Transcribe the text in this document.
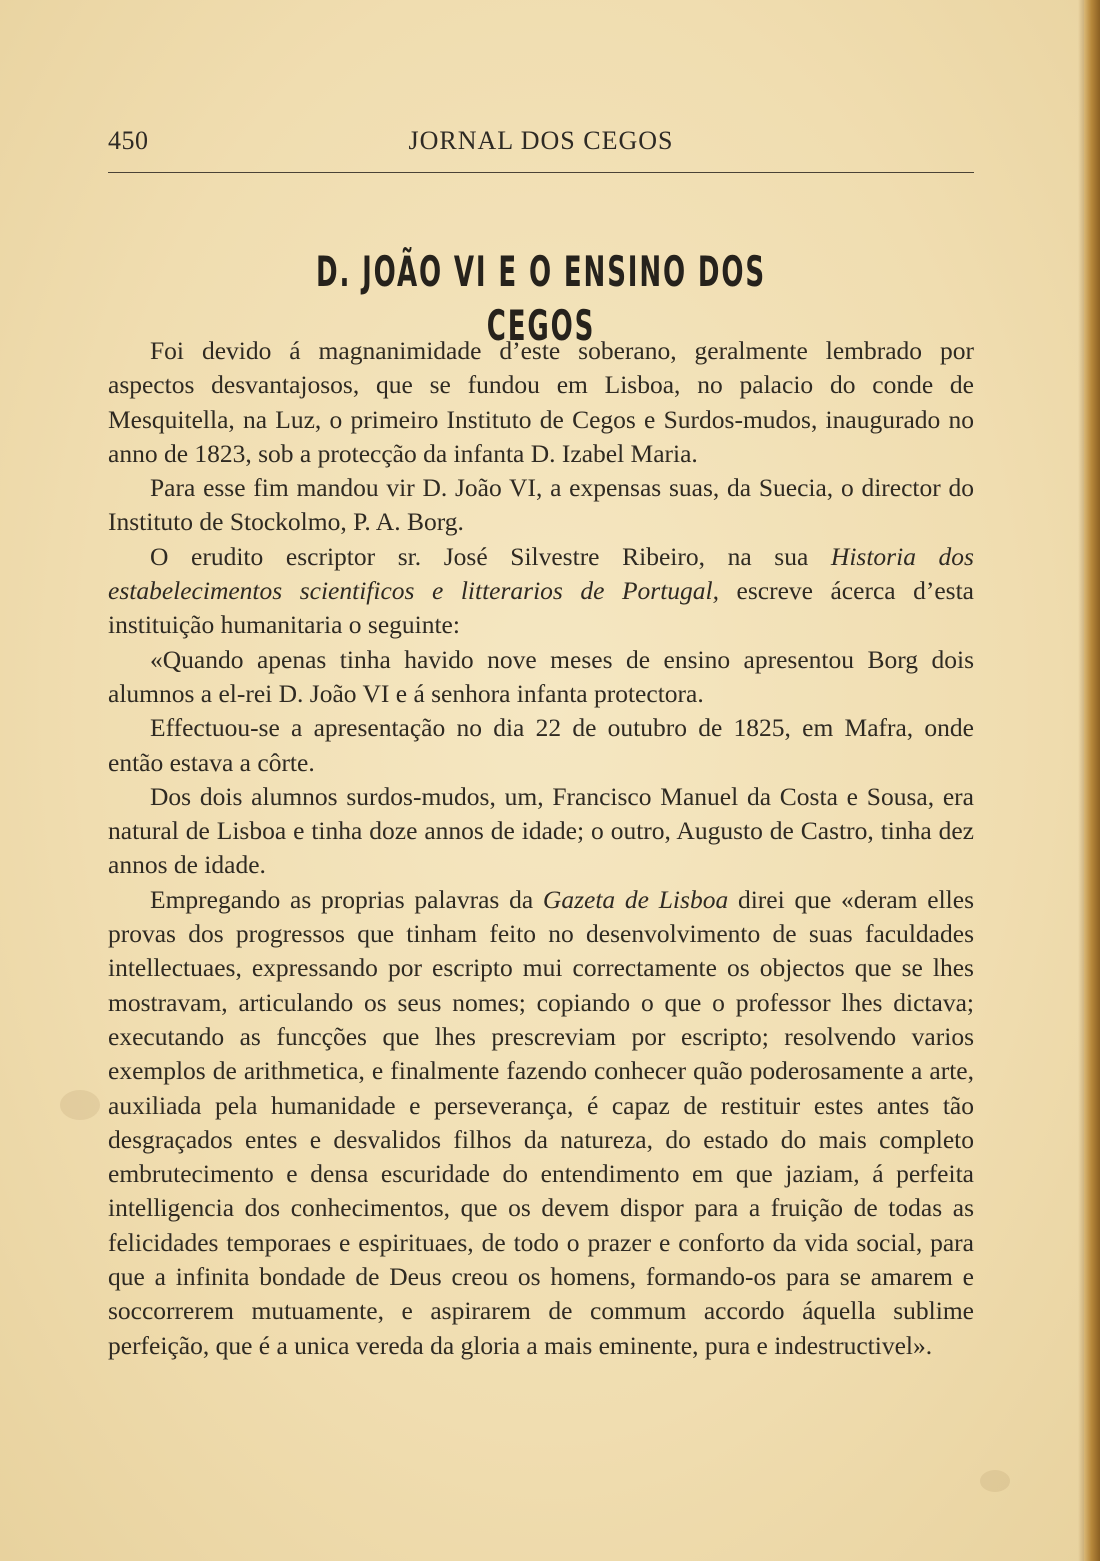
450	JORNAL DOS CEGOS
D. JOÃO VI E O ENSINO DOS CEGOS

Foi devido á magnanimidade d’este soberano, geralmente lembrado por aspectos desvantajosos, que se fundou em Lisboa, no palacio do conde de Mesquitella, na Luz, o primeiro Instituto de Cegos e Surdos-mudos, inaugurado no anno de 1823, sob a protecção da infanta D. Izabel Maria.

Para esse fim mandou vir D. João VI, a expensas suas, da Suecia, o director do Instituto de Stockolmo, P. A. Borg.

O erudito escriptor sr. José Silvestre Ribeiro, na sua Historia dos estabelecimentos scientificos e litterarios de Portugal, escreve ácerca d’esta instituição humanitaria o seguinte:

«Quando apenas tinha havido nove meses de ensino apresentou Borg dois alumnos a el-rei D. João VI e á senhora infanta protectora.

Effectuou-se a apresentação no dia 22 de outubro de 1825, em Mafra, onde então estava a côrte.

Dos dois alumnos surdos-mudos, um, Francisco Manuel da Costa e Sousa, era natural de Lisboa e tinha doze annos de idade; o outro, Augusto de Castro, tinha dez annos de idade.

Empregando as proprias palavras da Gazeta de Lisboa direi que «deram elles provas dos progressos que tinham feito no desenvolvimento de suas faculdades intellectuaes, expressando por escripto mui correctamente os objectos que se lhes mostravam, articulando os seus nomes; copiando o que o professor lhes dictava; executando as funcções que lhes prescreviam por escripto; resolvendo varios exemplos de arithmetica, e finalmente fazendo conhecer quão poderosamente a arte, auxiliada pela humanidade e perseverança, é capaz de restituir estes antes tão desgraçados entes e desvalidos filhos da natureza, do estado do mais completo embrutecimento e densa escuridade do entendimento em que jaziam, á perfeita intelligencia dos conhecimentos, que os devem dispor para a fruição de todas as felicidades temporaes e espirituaes, de todo o prazer e conforto da vida social, para que a infinita bondade de Deus creou os homens, formando-os para se amarem e soccorrerem mutuamente, e aspirarem de commum accordo áquella sublime perfeição, que é a unica vereda da gloria a mais eminente, pura e indestructivel».
